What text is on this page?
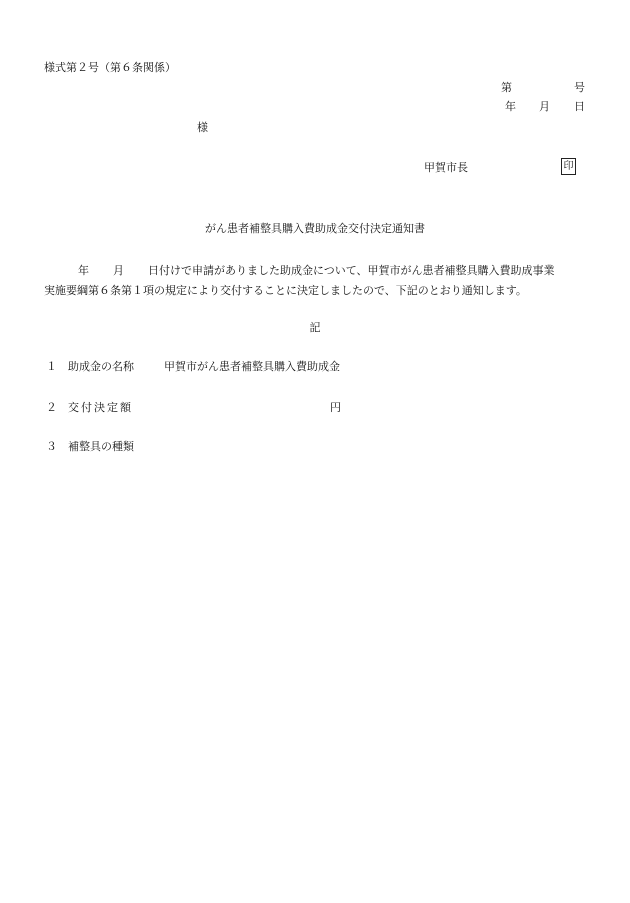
様式第２号（第６条関係）
第	号
年 月 日
様
甲賀市長	印
がん患者補整具購入費助成金交付決定通知書
年 月 日付けで申請がありました助成金について、甲賀市がん患者補整具購入費助成事業
実施要綱第６条第１項の規定により交付することに決定しましたので、下記のとおり通知します。
記
１ 助成金の名称	甲賀市がん患者補整具購入費助成金
２ 交付決定額	円
３ 補整具の種類
